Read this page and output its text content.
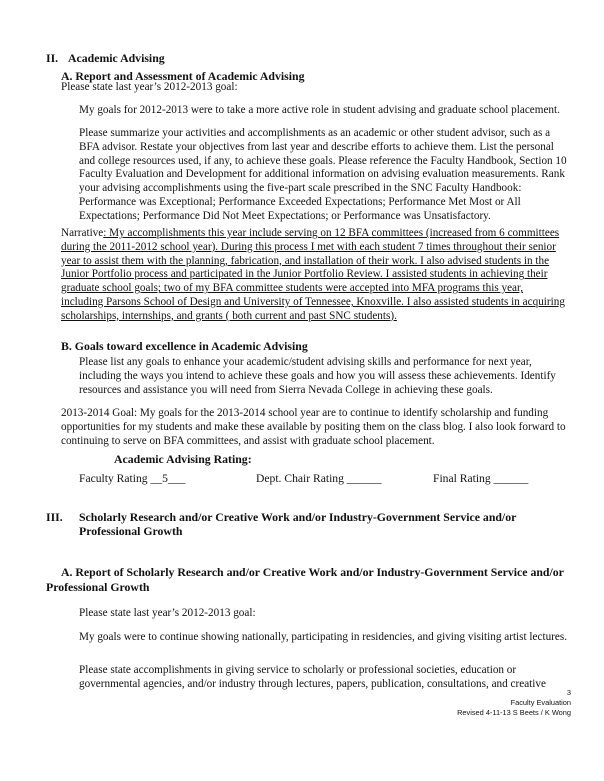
II. Academic Advising
A. Report and Assessment of Academic Advising
Please state last year’s 2012-2013 goal:
My goals for 2012-2013 were to take a more active role in student advising and graduate school placement.
Please summarize your activities and accomplishments as an academic or other student advisor, such as a BFA advisor. Restate your objectives from last year and describe efforts to achieve them. List the personal and college resources used, if any, to achieve these goals. Please reference the Faculty Handbook, Section 10 Faculty Evaluation and Development for additional information on advising evaluation measurements. Rank your advising accomplishments using the five-part scale prescribed in the SNC Faculty Handbook: Performance was Exceptional; Performance Exceeded Expectations; Performance Met Most or All Expectations; Performance Did Not Meet Expectations; or Performance was Unsatisfactory.
Narrative: My accomplishments this year include serving on 12 BFA committees (increased from 6 committees during the 2011-2012 school year). During this process I met with each student 7 times throughout their senior year to assist them with the planning, fabrication, and installation of their work. I also advised students in the Junior Portfolio process and participated in the Junior Portfolio Review. I assisted students in achieving their graduate school goals; two of my BFA committee students were accepted into MFA programs this year, including Parsons School of Design and University of Tennessee, Knoxville. I also assisted students in acquiring scholarships, internships, and grants ( both current and past SNC students).
B. Goals toward excellence in Academic Advising
Please list any goals to enhance your academic/student advising skills and performance for next year, including the ways you intend to achieve these goals and how you will assess these achievements. Identify resources and assistance you will need from Sierra Nevada College in achieving these goals.
2013-2014 Goal: My goals for the 2013-2014 school year are to continue to identify scholarship and funding opportunities for my students and make these available by positing them on the class blog. I also look forward to continuing to serve on BFA committees, and assist with graduate school placement.
Academic Advising Rating:
Faculty Rating __5___	Dept. Chair Rating ______	Final Rating ______
III. Scholarly Research and/or Creative Work and/or Industry-Government Service and/or Professional Growth
A. Report of Scholarly Research and/or Creative Work and/or Industry-Government Service and/or Professional Growth
Please state last year’s 2012-2013 goal:
My goals were to continue showing nationally, participating in residencies, and giving visiting artist lectures.
Please state accomplishments in giving service to scholarly or professional societies, education or governmental agencies, and/or industry through lectures, papers, publication, consultations, and creative
3
Faculty Evaluation
Revised 4-11-13 S Beets / K Wong
